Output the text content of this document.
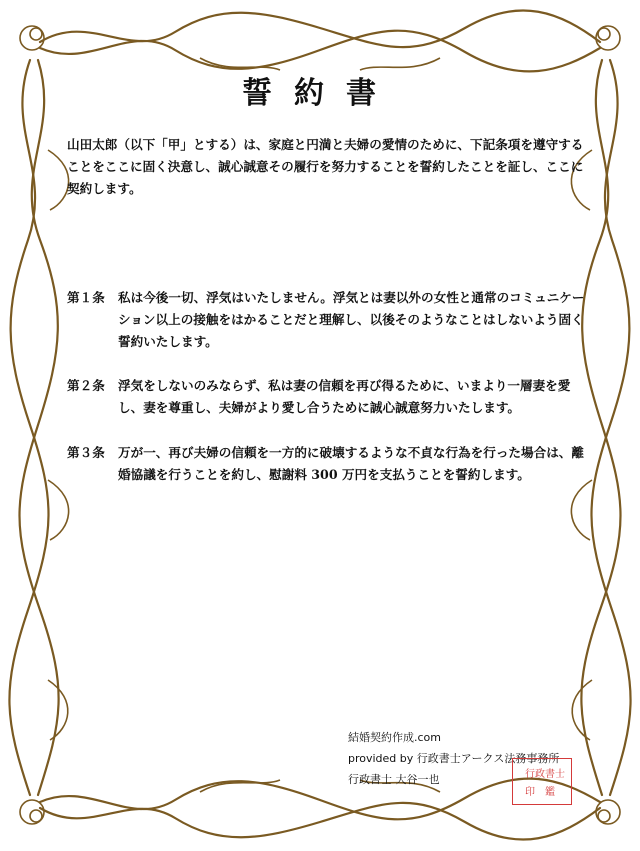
誓約書
山田太郎（以下「甲」とする）は、家庭と円満と夫婦の愛情のために、下記条項を遵守することをここに固く決意し、誠心誠意その履行を努力することを誓約したことを証し、ここに契約します。
第１条 私は今後一切、浮気はいたしません。浮気とは妻以外の女性と通常のコミュニケーション以上の接触をはかることだと理解し、以後そのようなことはしないよう固く誓約いたします。
第２条 浮気をしないのみならず、私は妻の信頼を再び得るために、いまより一層妻を愛し、妻を尊重し、夫婦がより愛し合うために誠心誠意努力いたします。
第３条 万が一、再び夫婦の信頼を一方的に破壊するような不貞な行為を行った場合は、離婚協議を行うことを約し、慰謝料 300 万円を支払うことを誓約します。
結婚契約作成.com
provided by 行政書士アークス法務事務所
行政書士 大谷一也	行政書士
印　鑑
